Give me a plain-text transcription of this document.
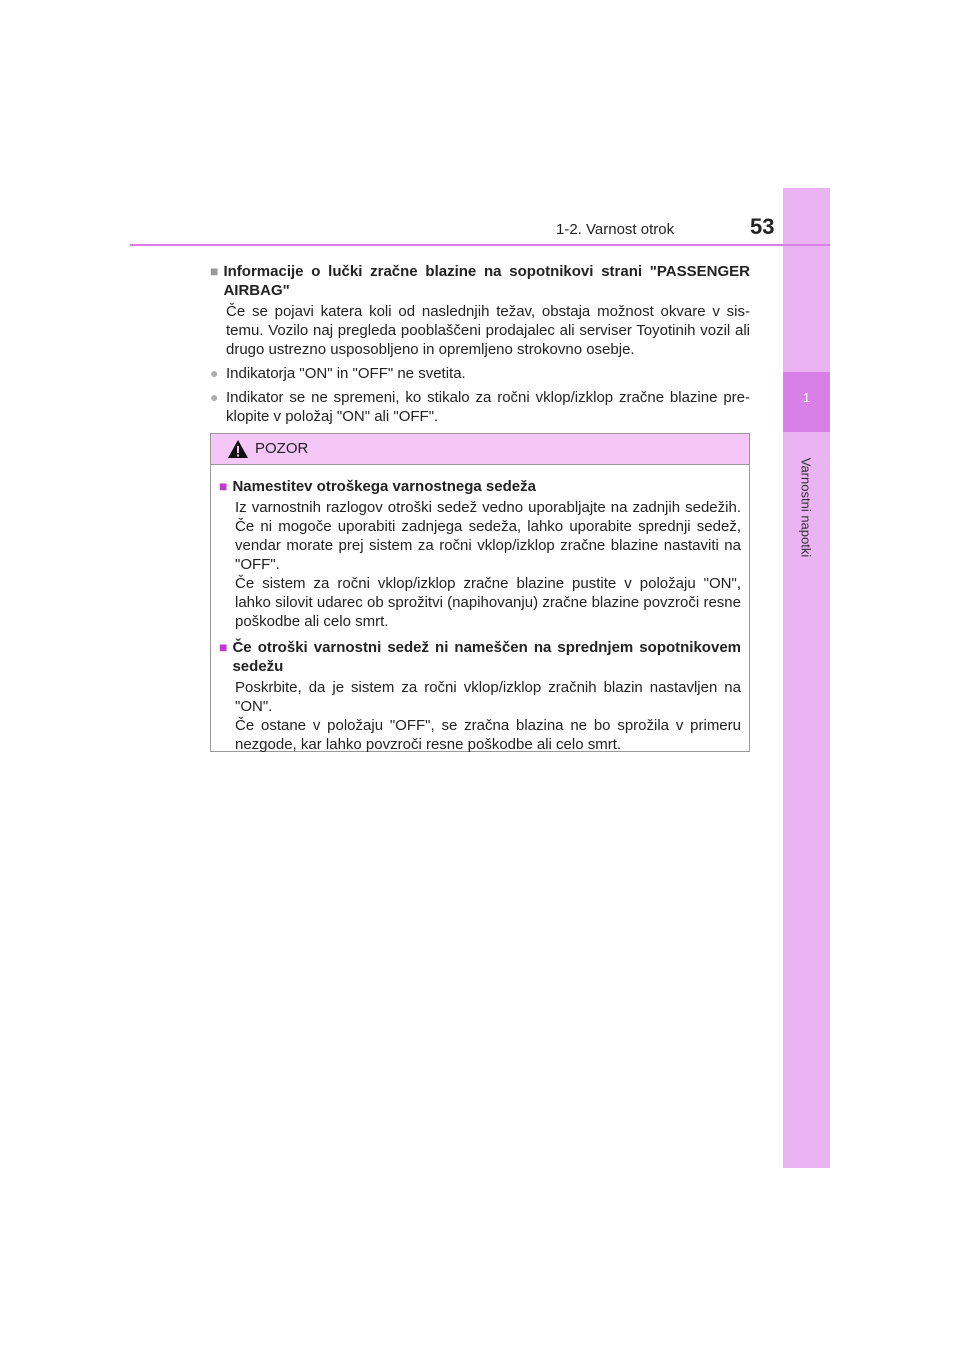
1
Varnostni napotki
1-2. Varnost otrok	53
■ Informacije o lučki zračne blazine na sopotnikovi strani "PASSENGER AIRBAG"
Če se pojavi katera koli od naslednjih težav, obstaja možnost okvare v sis-temu. Vozilo naj pregleda pooblaščeni prodajalec ali serviser Toyotinih vozil ali drugo ustrezno usposobljeno in opremljeno strokovno osebje.
● Indikatorja "ON" in "OFF" ne svetita.
● Indikator se ne spremeni, ko stikalo za ročni vklop/izklop zračne blazine pre-klopite v položaj "ON" ali "OFF".
POZOR
■ Namestitev otroškega varnostnega sedeža
Iz varnostnih razlogov otroški sedež vedno uporabljajte na zadnjih sedežih. Če ni mogoče uporabiti zadnjega sedeža, lahko uporabite sprednji sedež, vendar morate prej sistem za ročni vklop/izklop zračne blazine nastaviti na "OFF".
Če sistem za ročni vklop/izklop zračne blazine pustite v položaju "ON", lahko silovit udarec ob sprožitvi (napihovanju) zračne blazine povzroči resne poškodbe ali celo smrt.
■ Če otroški varnostni sedež ni nameščen na sprednjem sopotnikovem sedežu
Poskrbite, da je sistem za ročni vklop/izklop zračnih blazin nastavljen na "ON".
Če ostane v položaju "OFF", se zračna blazina ne bo sprožila v primeru nezgode, kar lahko povzroči resne poškodbe ali celo smrt.
